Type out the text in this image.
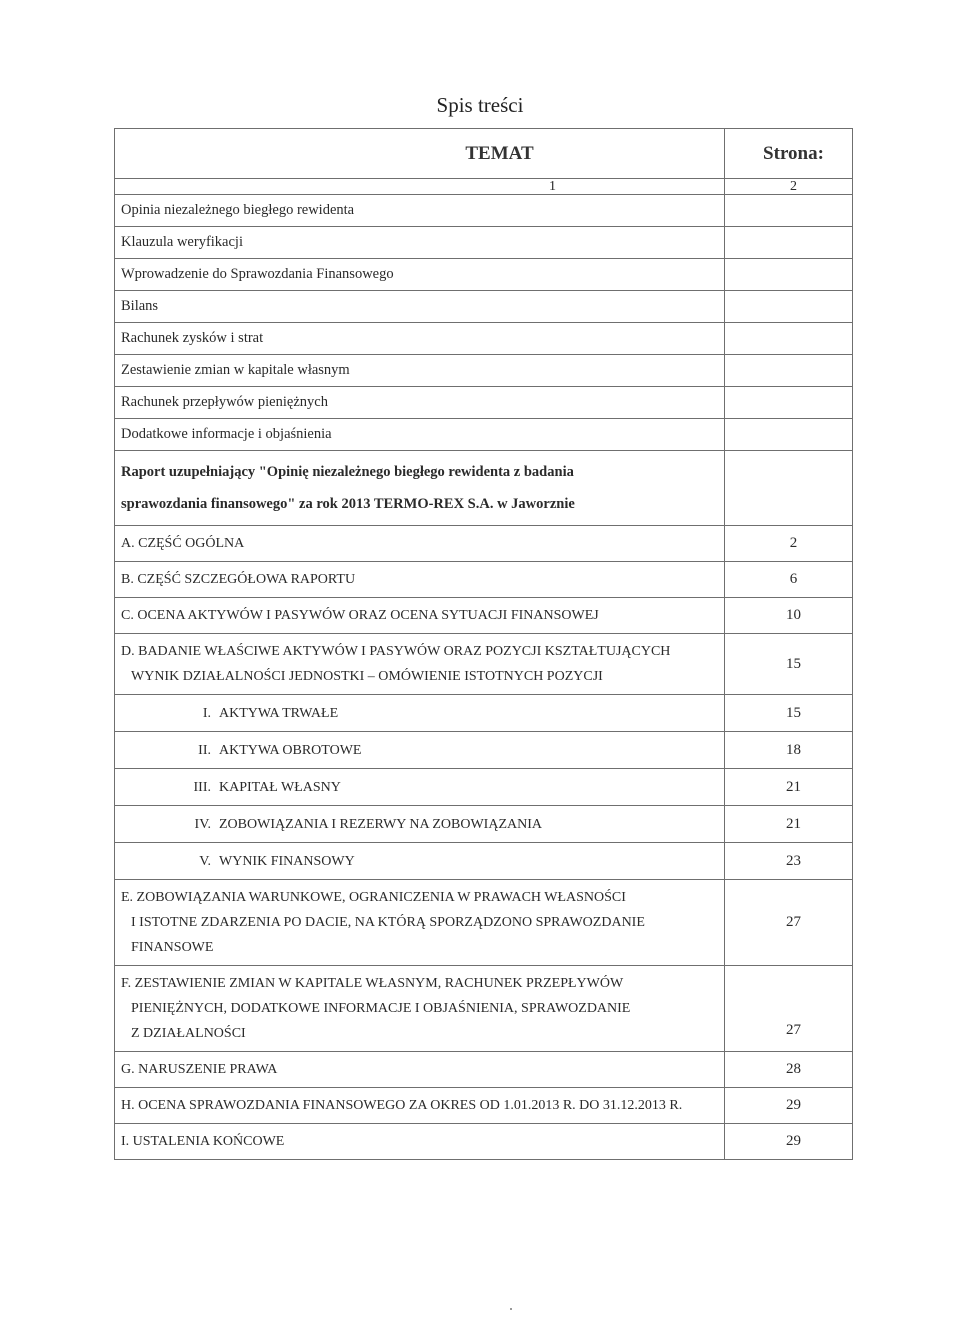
Spis treści
TEMAT	Strona:
1	2
Opinia niezależnego biegłego rewidenta	
Klauzula weryfikacji	
Wprowadzenie do Sprawozdania Finansowego	
Bilans	
Rachunek zysków i strat	
Zestawienie zmian w kapitale własnym	
Rachunek przepływów pieniężnych	
Dodatkowe informacje i objaśnienia	

Raport uzupełniający "Opinię niezależnego biegłego rewidenta z badania
sprawozdania finansowego" za rok 2013 TERMO-REX S.A. w Jaworznie	

A. CZĘŚĆ OGÓLNA	2
B. CZĘŚĆ SZCZEGÓŁOWA RAPORTU	6
C. OCENA AKTYWÓW I PASYWÓW ORAZ OCENA SYTUACJI FINANSOWEJ	10

D. BADANIE WŁAŚCIWE AKTYWÓW I PASYWÓW ORAZ POZYCJI KSZTAŁTUJĄCYCH
WYNIK DZIAŁALNOŚCI JEDNOSTKI – OMÓWIENIE ISTOTNYCH POZYCJI	15
I. AKTYWA TRWAŁE	15
II. AKTYWA OBROTOWE	18
III. KAPITAŁ WŁASNY	21
IV. ZOBOWIĄZANIA I REZERWY NA ZOBOWIĄZANIA	21
V. WYNIK FINANSOWY	23

E. ZOBOWIĄZANIA WARUNKOWE, OGRANICZENIA W PRAWACH WŁASNOŚCI
I ISTOTNE ZDARZENIA PO DACIE, NA KTÓRĄ SPORZĄDZONO SPRAWOZDANIE
FINANSOWE	27

F. ZESTAWIENIE ZMIAN W KAPITALE WŁASNYM, RACHUNEK PRZEPŁYWÓW
PIENIĘŻNYCH, DODATKOWE INFORMACJE I OBJAŚNIENIA, SPRAWOZDANIE
Z DZIAŁALNOŚCI	27
G. NARUSZENIE PRAWA	28
H. OCENA SPRAWOZDANIA FINANSOWEGO ZA OKRES OD 1.01.2013 R. DO 31.12.2013 R.	29
I. USTALENIA KOŃCOWE	29
